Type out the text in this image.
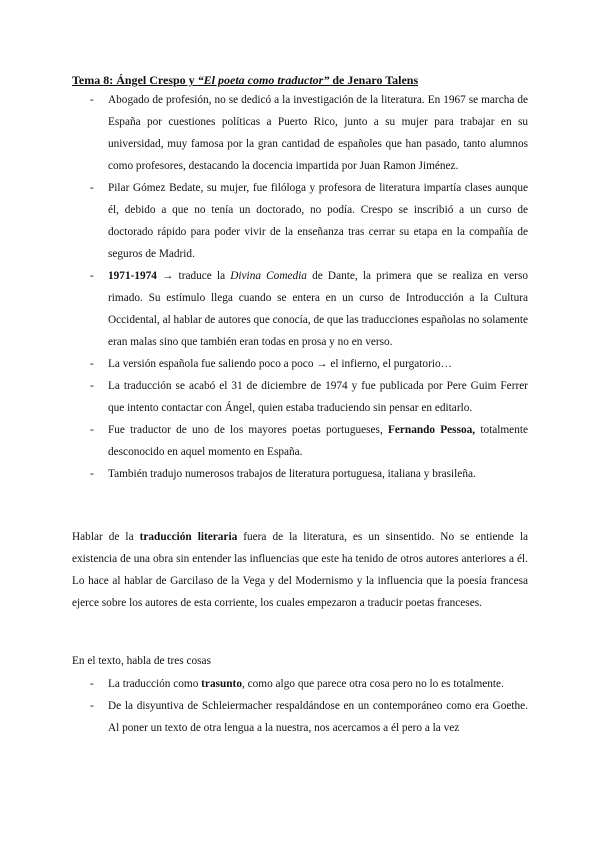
Tema 8: Ángel Crespo y “El poeta como traductor” de Jenaro Talens
- Abogado de profesión, no se dedicó a la investigación de la literatura. En 1967 se marcha de España por cuestiones políticas a Puerto Rico, junto a su mujer para trabajar en su universidad, muy famosa por la gran cantidad de españoles que han pasado, tanto alumnos como profesores, destacando la docencia impartida por Juan Ramon Jiménez.
- Pilar Gómez Bedate, su mujer, fue filóloga y profesora de literatura impartía clases aunque él, debido a que no tenía un doctorado, no podía. Crespo se inscribió a un curso de doctorado rápido para poder vivir de la enseñanza tras cerrar su etapa en la compañía de seguros de Madrid.
- 1971-1974 → traduce la Divina Comedia de Dante, la primera que se realiza en verso rimado. Su estímulo llega cuando se entera en un curso de Introducción a la Cultura Occidental, al hablar de autores que conocía, de que las traducciones españolas no solamente eran malas sino que también eran todas en prosa y no en verso.
- La versión española fue saliendo poco a poco → el infierno, el purgatorio…
- La traducción se acabó el 31 de diciembre de 1974 y fue publicada por Pere Guim Ferrer que intento contactar con Ángel, quien estaba traduciendo sin pensar en editarlo.
- Fue traductor de uno de los mayores poetas portugueses, Fernando Pessoa, totalmente desconocido en aquel momento en España.
- También tradujo numerosos trabajos de literatura portuguesa, italiana y brasileña.

Hablar de la traducción literaria fuera de la literatura, es un sinsentido. No se entiende la existencia de una obra sin entender las influencias que este ha tenido de otros autores anteriores a él. Lo hace al hablar de Garcilaso de la Vega y del Modernismo y la influencia que la poesía francesa ejerce sobre los autores de esta corriente, los cuales empezaron a traducir poetas franceses.

En el texto, habla de tres cosas

- La traducción como trasunto, como algo que parece otra cosa pero no lo es totalmente.
- De la disyuntiva de Schleiermacher respaldándose en un contemporáneo como era Goethe. Al poner un texto de otra lengua a la nuestra, nos acercamos a él pero a la vez
